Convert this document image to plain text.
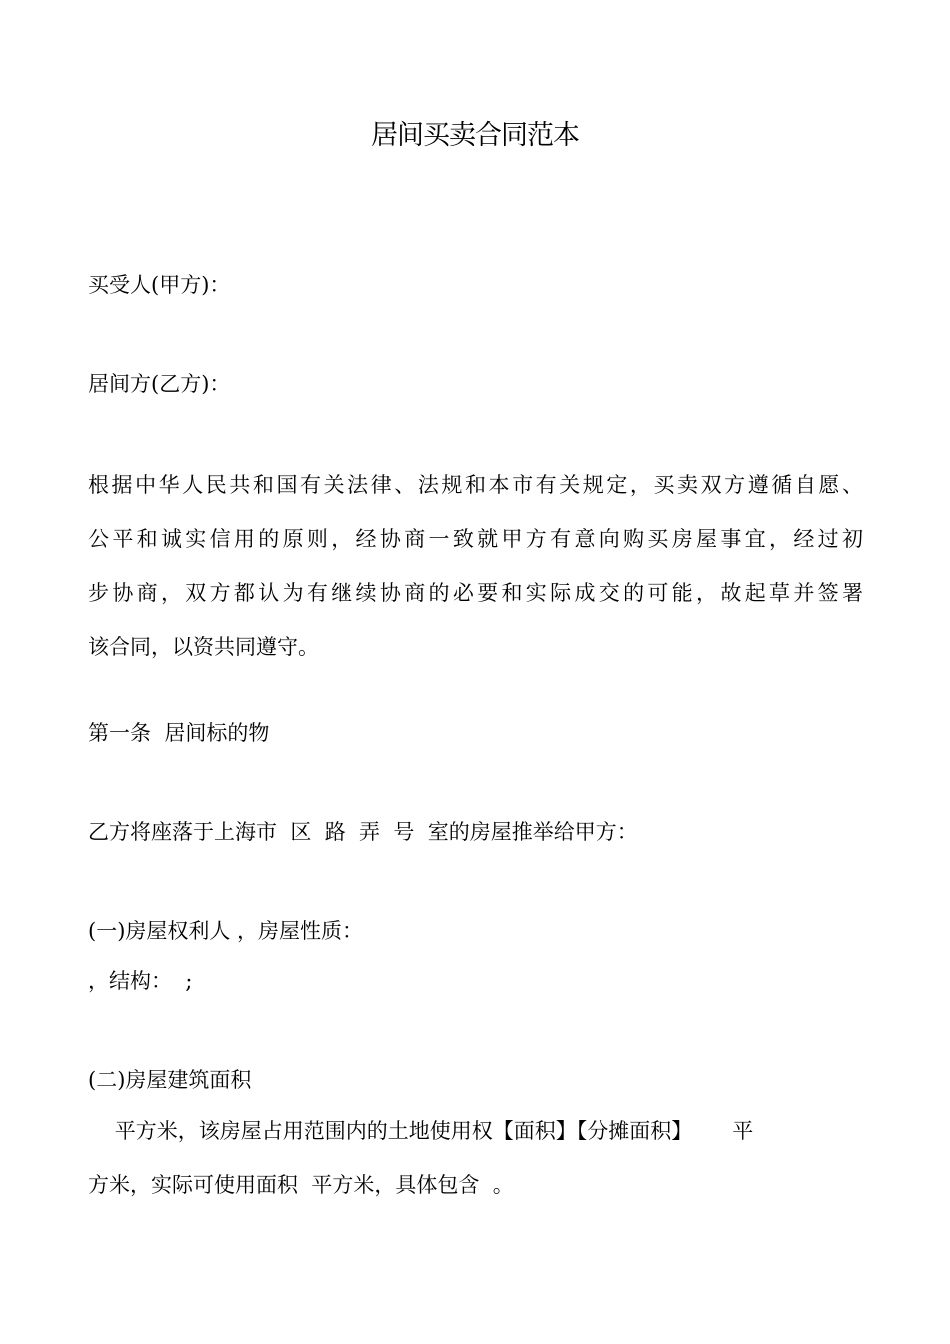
居间买卖合同范本
买受人(甲方)：
居间方(乙方)：
根据中华人民共和国有关法律、法规和本市有关规定，买卖双方遵循自愿、
公平和诚实信用的原则，经协商一致就甲方有意向购买房屋事宜，经过初
步协商，双方都认为有继续协商的必要和实际成交的可能，故起草并签署
该合同，以资共同遵守。
第一条  居间标的物
乙方将座落于上海市  区  路  弄  号  室的房屋推举给甲方：
(一)房屋权利人 ，房屋性质：
，结构：  ;
(二)房屋建筑面积
平方米，该房屋占用范围内的土地使用权【面积】【分摊面积】      平
方米，实际可使用面积  平方米，具体包含  。
